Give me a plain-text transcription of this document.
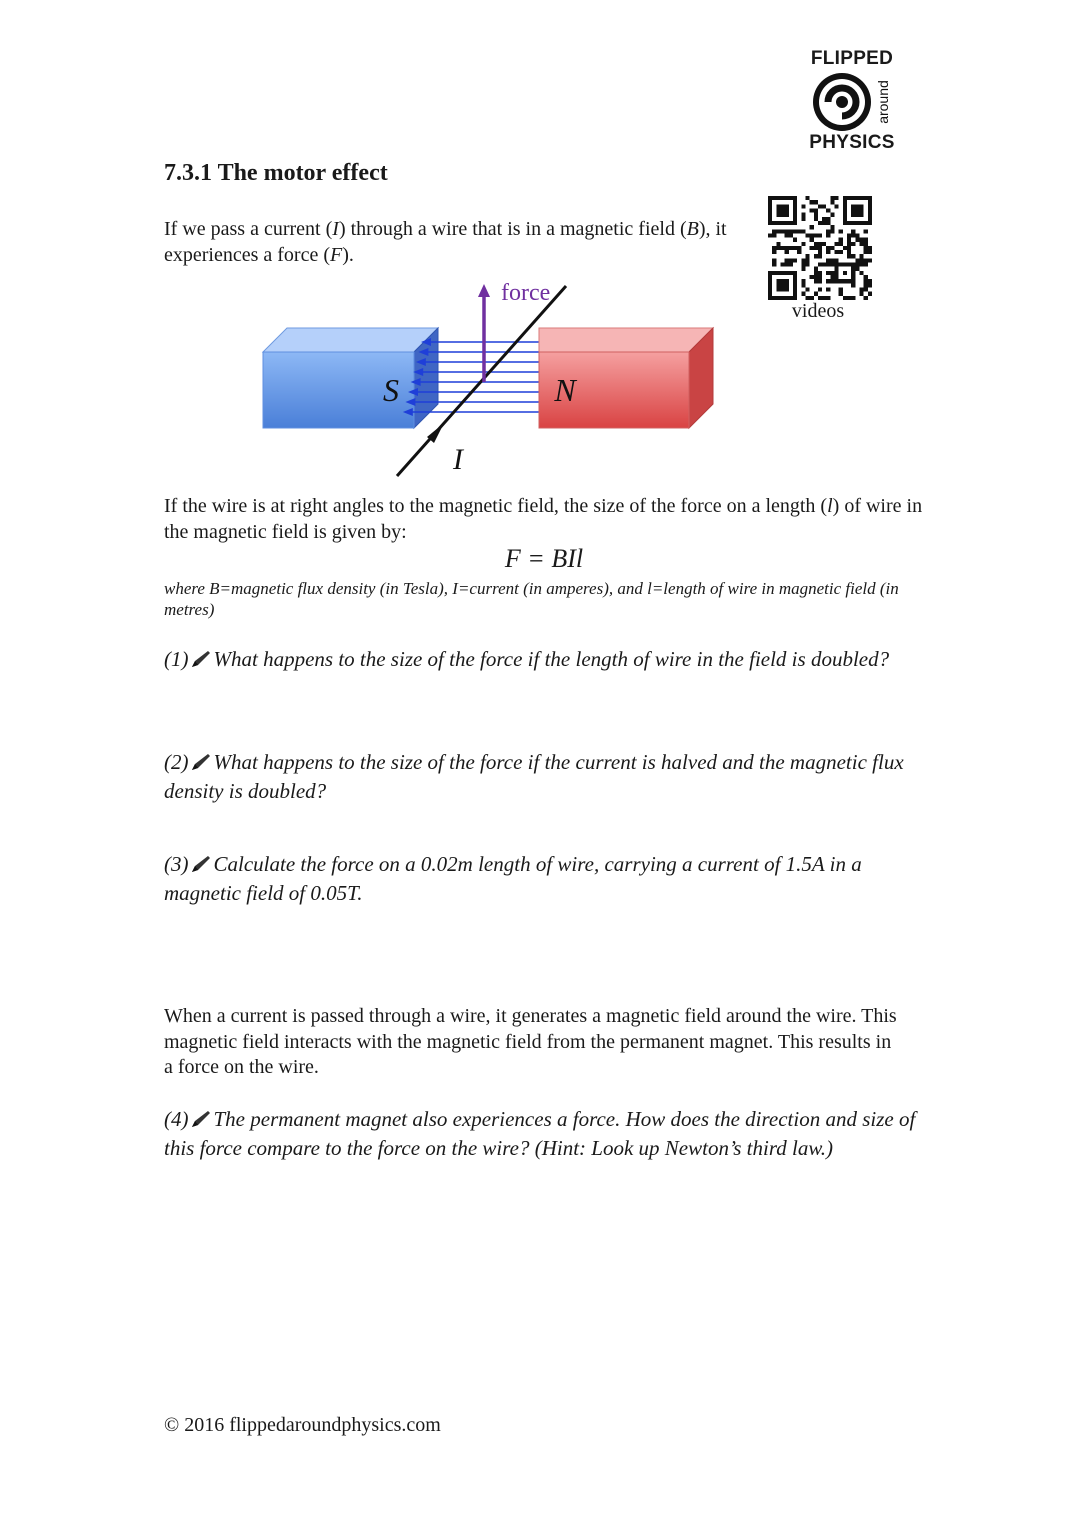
FLIPPED
around
PHYSICS
videos
7.3.1 The motor effect
If we pass a current (I) through a wire that is in a magnetic field (B), it experiences a force (F).
S	N
I
force
If the wire is at right angles to the magnetic field, the size of the force on a length (l) of wire in the magnetic field is given by:
F = BIl
where B=magnetic flux density (in Tesla), I=current (in amperes), and l=length of wire in magnetic field (in metres)
(1) What happens to the size of the force if the length of wire in the field is doubled?
(2) What happens to the size of the force if the current is halved and the magnetic flux density is doubled?
(3) Calculate the force on a 0.02m length of wire, carrying a current of 1.5A in a magnetic field of 0.05T.
When a current is passed through a wire, it generates a magnetic field around the wire. This magnetic field interacts with the magnetic field from the permanent magnet. This results in a force on the wire.
(4) The permanent magnet also experiences a force. How does the direction and size of this force compare to the force on the wire? (Hint: Look up Newton’s third law.)
© 2016 flippedaroundphysics.com
